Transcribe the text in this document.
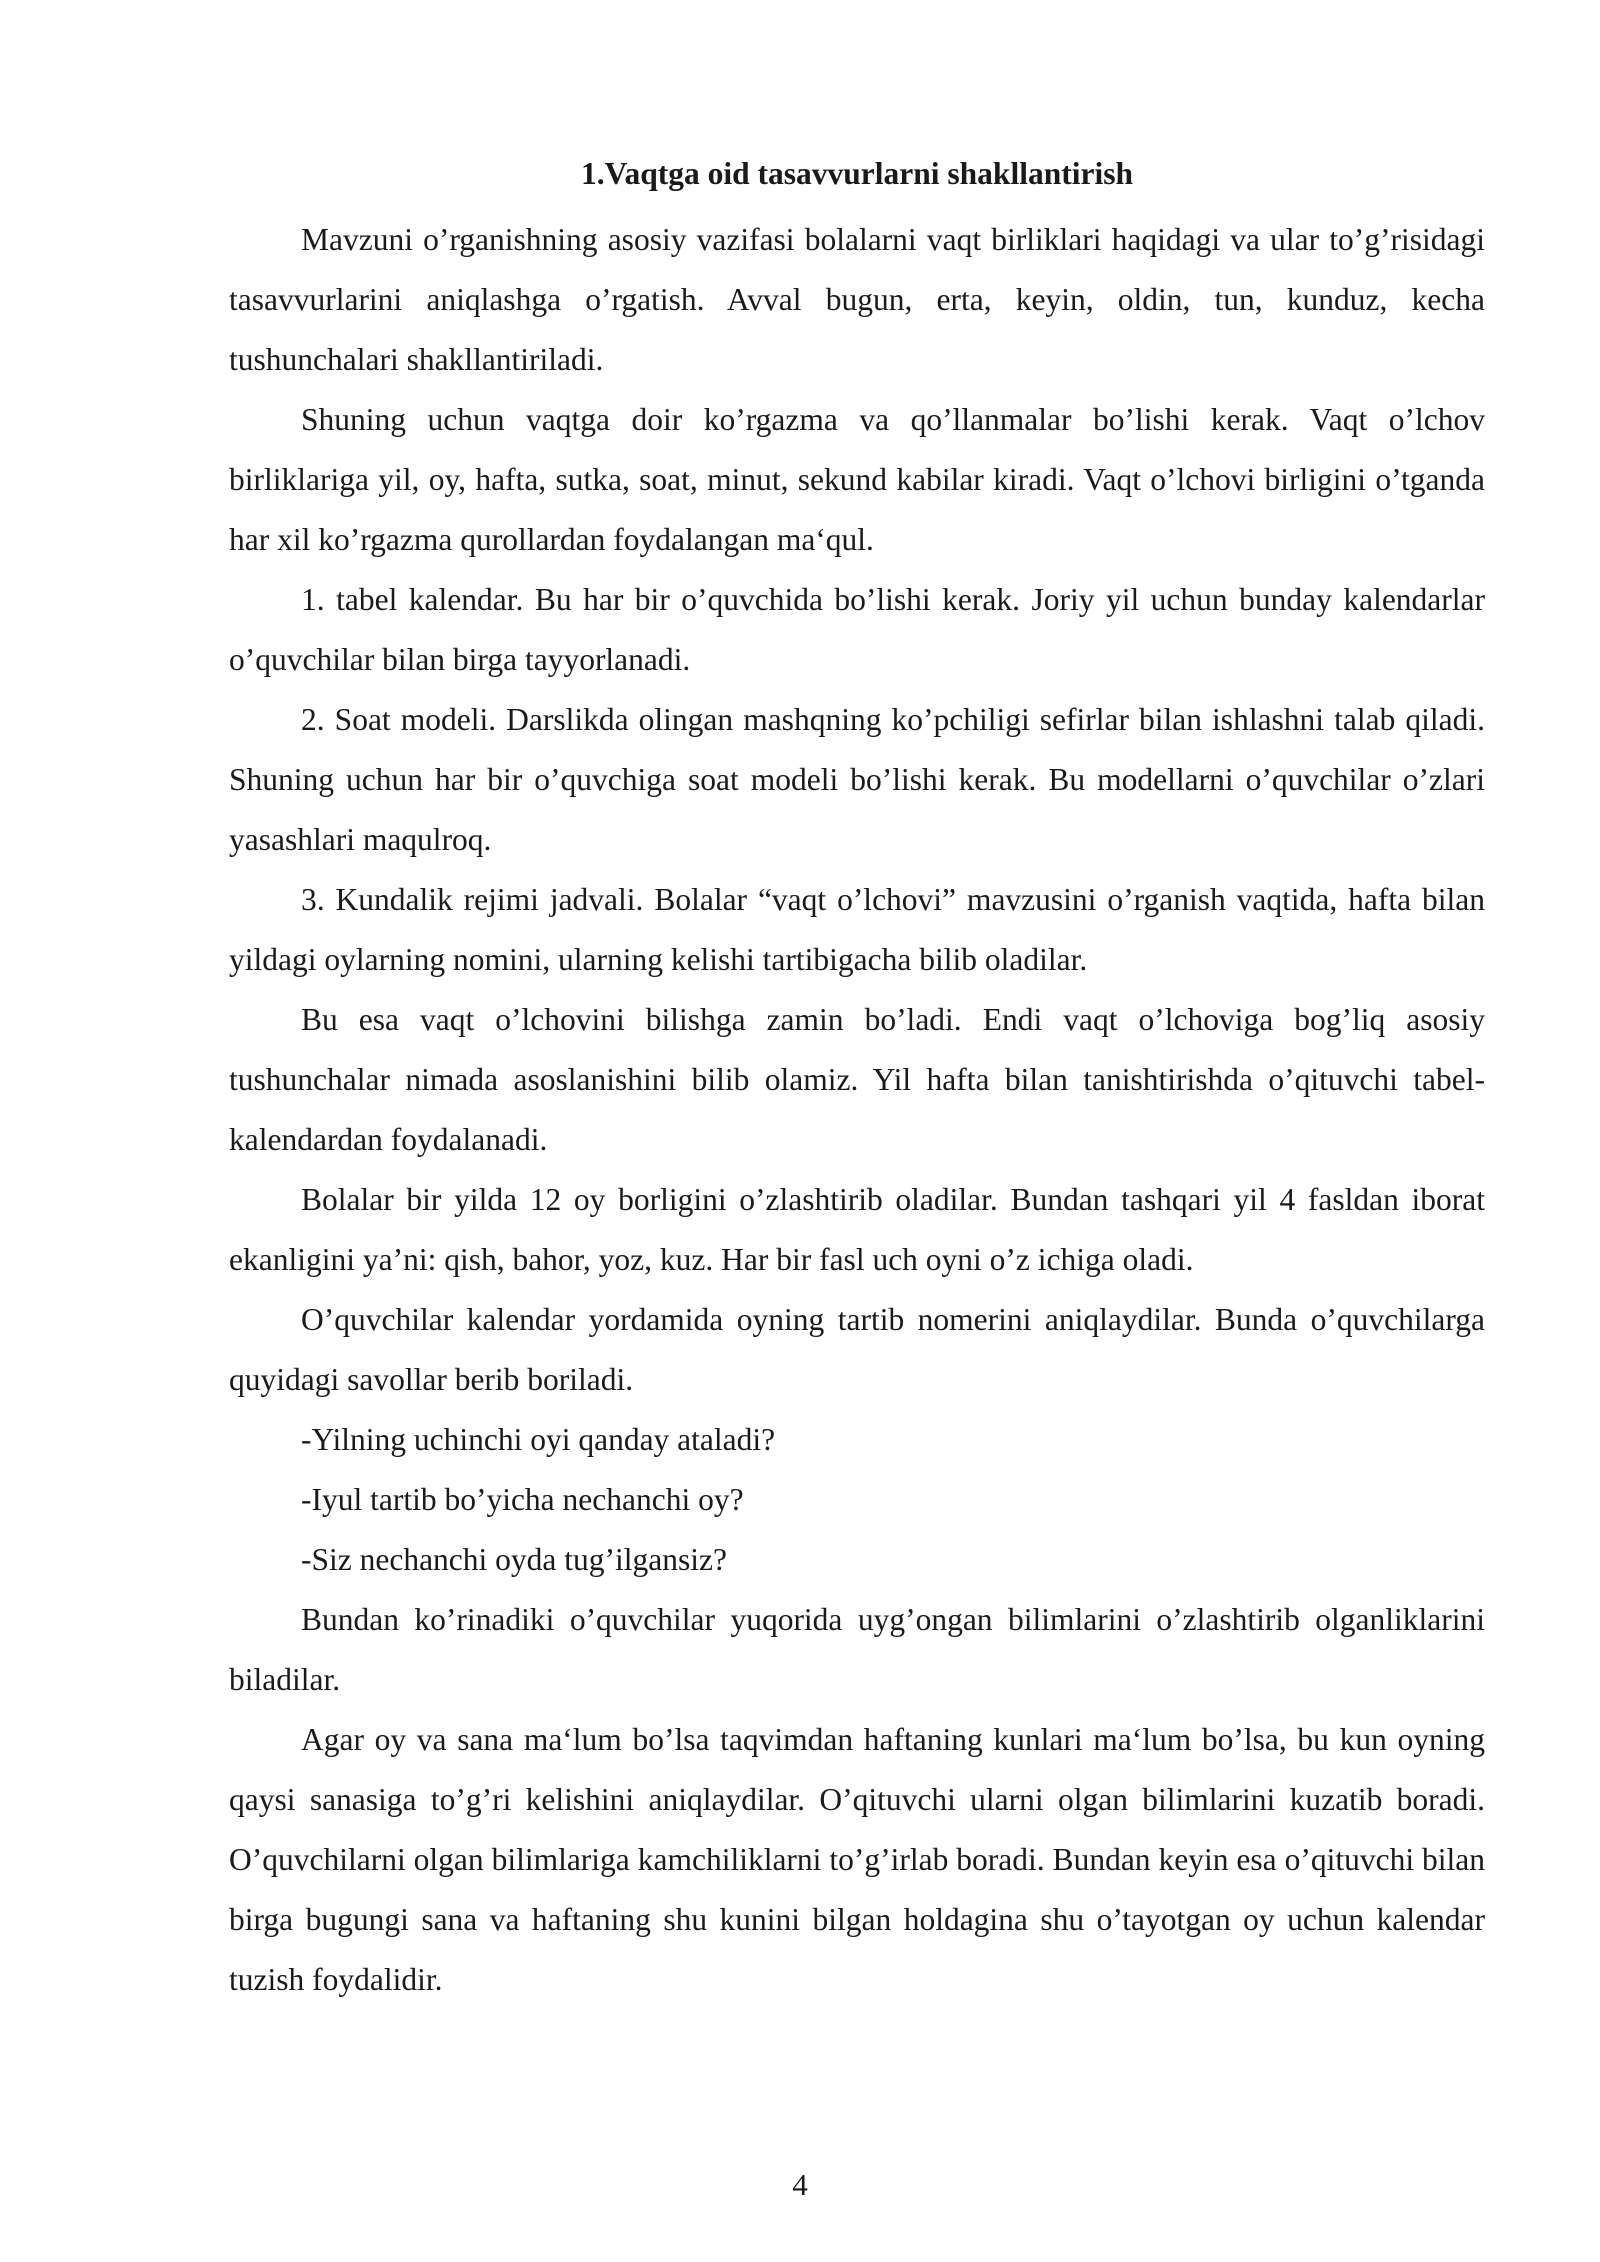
1.Vaqtga oid tasavvurlarni shakllantirish

Mavzuni o’rganishning asosiy vazifasi bolalarni vaqt birliklari haqidagi va ular to’g’risidagi tasavvurlarini aniqlashga o’rgatish. Avval bugun, erta, keyin, oldin, tun, kunduz, kecha tushunchalari shakllantiriladi.

Shuning uchun vaqtga doir ko’rgazma va qo’llanmalar bo’lishi kerak. Vaqt o’lchov birliklariga yil, oy, hafta, sutka, soat, minut, sekund kabilar kiradi. Vaqt o’lchovi birligini o’tganda har xil ko’rgazma qurollardan foydalangan ma‘qul.

1. tabel kalendar. Bu har bir o’quvchida bo’lishi kerak. Joriy yil uchun bunday kalendarlar o’quvchilar bilan birga tayyorlanadi.

2. Soat modeli. Darslikda olingan mashqning ko’pchiligi sefirlar bilan ishlashni talab qiladi. Shuning uchun har bir o’quvchiga soat modeli bo’lishi kerak. Bu modellarni o’quvchilar o’zlari yasashlari maqulroq.

3. Kundalik rejimi jadvali. Bolalar “vaqt o’lchovi” mavzusini o’rganish vaqtida, hafta bilan yildagi oylarning nomini, ularning kelishi tartibigacha bilib oladilar.

Bu esa vaqt o’lchovini bilishga zamin bo’ladi. Endi vaqt o’lchoviga bog’liq asosiy tushunchalar nimada asoslanishini bilib olamiz. Yil hafta bilan tanishtirishda o’qituvchi tabel-kalendardan foydalanadi.

Bolalar bir yilda 12 oy borligini o’zlashtirib oladilar. Bundan tashqari yil 4 fasldan iborat ekanligini ya’ni: qish, bahor, yoz, kuz. Har bir fasl uch oyni o’z ichiga oladi.

O’quvchilar kalendar yordamida oyning tartib nomerini aniqlaydilar. Bunda o’quvchilarga quyidagi savollar berib boriladi.

-Yilning uchinchi oyi qanday ataladi?

-Iyul tartib bo’yicha nechanchi oy?

-Siz nechanchi oyda tug’ilgansiz?

Bundan ko’rinadiki o’quvchilar yuqorida uyg’ongan bilimlarini o’zlashtirib olganliklarini biladilar.

Agar oy va sana ma‘lum bo’lsa taqvimdan haftaning kunlari ma‘lum bo’lsa, bu kun oyning qaysi sanasiga to’g’ri kelishini aniqlaydilar. O’qituvchi ularni olgan bilimlarini kuzatib boradi. O’quvchilarni olgan bilimlariga kamchiliklarni to’g’irlab boradi. Bundan keyin esa o’qituvchi bilan birga bugungi sana va haftaning shu kunini bilgan holdagina shu o’tayotgan oy uchun kalendar tuzish foydalidir.

4
